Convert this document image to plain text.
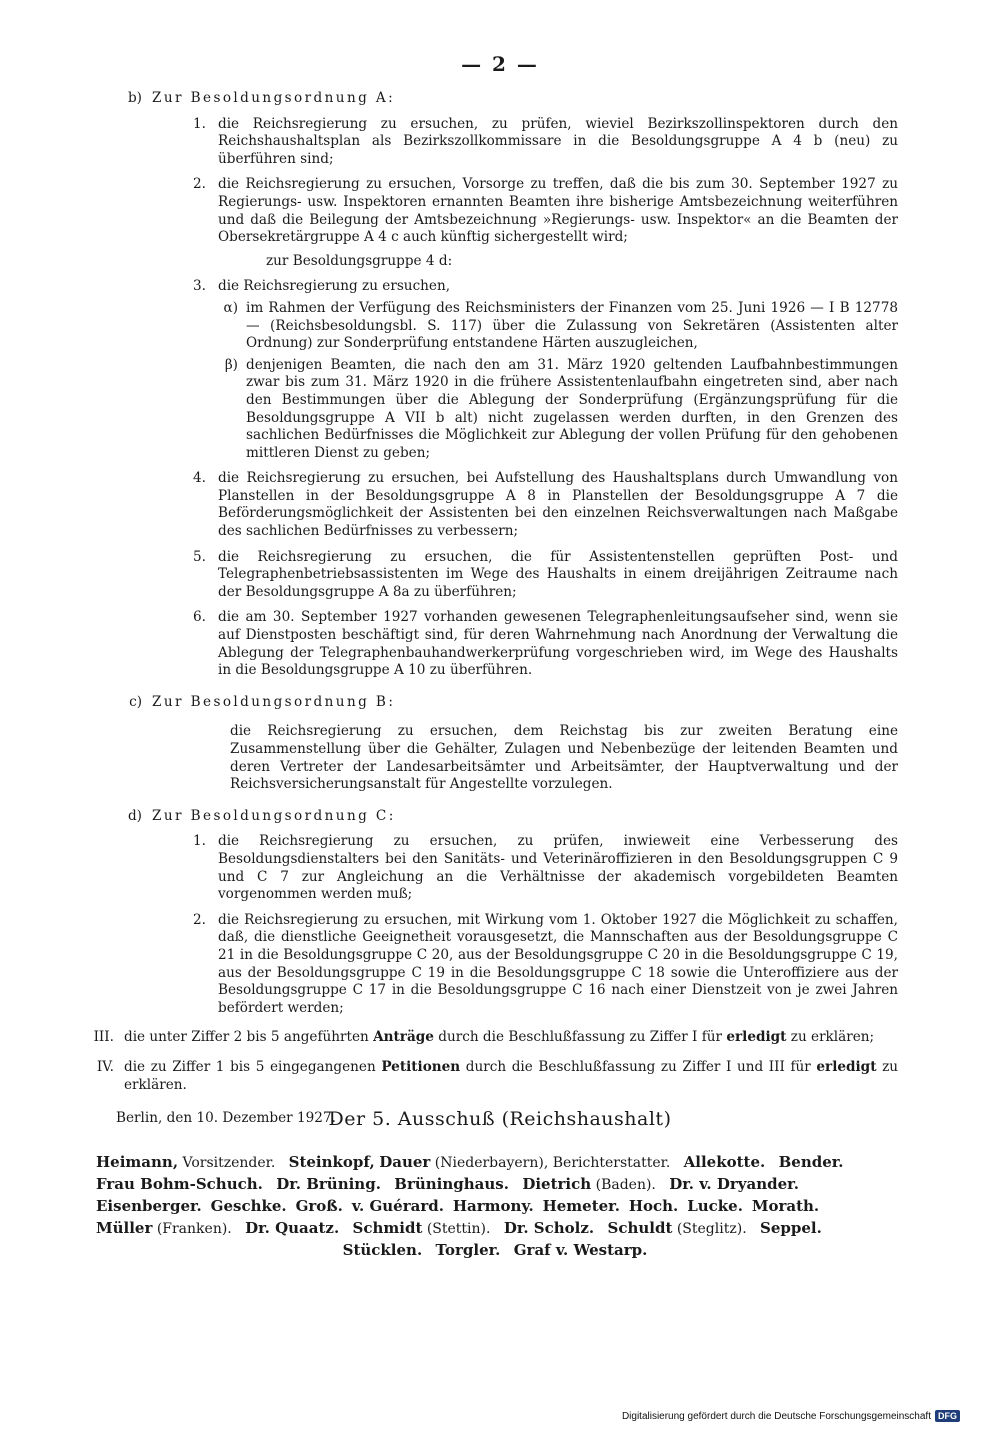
— 2 —
b) Zur Besoldungsordnung A:
1. die Reichsregierung zu ersuchen, zu prüfen, wieviel Bezirkszollinspektoren durch den Reichshaushaltsplan als Bezirkszollkommissare in die Besoldungsgruppe A 4 b (neu) zu überführen sind;
2. die Reichsregierung zu ersuchen, Vorsorge zu treffen, daß die bis zum 30. September 1927 zu Regierungs- usw. Inspektoren ernannten Beamten ihre bisherige Amtsbezeichnung weiterführen und daß die Beilegung der Amtsbezeichnung »Regierungs- usw. Inspektor« an die Beamten der Obersekretärgruppe A 4 c auch künftig sichergestellt wird;
zur Besoldungsgruppe 4 d:
3. die Reichsregierung zu ersuchen,
α) im Rahmen der Verfügung des Reichsministers der Finanzen vom 25. Juni 1926 — I B 12778 — (Reichsbesoldungsbl. S. 117) über die Zulassung von Sekretären (Assistenten alter Ordnung) zur Sonderprüfung entstandene Härten auszugleichen,
β) denjenigen Beamten, die nach den am 31. März 1920 geltenden Laufbahnbestimmungen zwar bis zum 31. März 1920 in die frühere Assistentenlaufbahn eingetreten sind, aber nach den Bestimmungen über die Ablegung der Sonderprüfung (Ergänzungsprüfung für die Besoldungsgruppe A VII b alt) nicht zugelassen werden durften, in den Grenzen des sachlichen Bedürfnisses die Möglichkeit zur Ablegung der vollen Prüfung für den gehobenen mittleren Dienst zu geben;
4. die Reichsregierung zu ersuchen, bei Aufstellung des Haushaltsplans durch Umwandlung von Planstellen in der Besoldungsgruppe A 8 in Planstellen der Besoldungsgruppe A 7 die Beförderungsmöglichkeit der Assistenten bei den einzelnen Reichsverwaltungen nach Maßgabe des sachlichen Bedürfnisses zu verbessern;
5. die Reichsregierung zu ersuchen, die für Assistentenstellen geprüften Post- und Telegraphenbetriebsassistenten im Wege des Haushalts in einem dreijährigen Zeitraume nach der Besoldungsgruppe A 8a zu überführen;
6. die am 30. September 1927 vorhanden gewesenen Telegraphenleitungsaufseher sind, wenn sie auf Dienstposten beschäftigt sind, für deren Wahrnehmung nach Anordnung der Verwaltung die Ablegung der Telegraphenbauhandwerkerprüfung vorgeschrieben wird, im Wege des Haushalts in die Besoldungsgruppe A 10 zu überführen.
c) Zur Besoldungsordnung B:
die Reichsregierung zu ersuchen, dem Reichstag bis zur zweiten Beratung eine Zusammenstellung über die Gehälter, Zulagen und Nebenbezüge der leitenden Beamten und deren Vertreter der Landesarbeitsämter und Arbeitsämter, der Hauptverwaltung und der Reichsversicherungsanstalt für Angestellte vorzulegen.
d) Zur Besoldungsordnung C:
1. die Reichsregierung zu ersuchen, zu prüfen, inwieweit eine Verbesserung des Besoldungsdienstalters bei den Sanitäts- und Veterinäroffizieren in den Besoldungsgruppen C 9 und C 7 zur Angleichung an die Verhältnisse der akademisch vorgebildeten Beamten vorgenommen werden muß;
2. die Reichsregierung zu ersuchen, mit Wirkung vom 1. Oktober 1927 die Möglichkeit zu schaffen, daß, die dienstliche Geeignetheit vorausgesetzt, die Mannschaften aus der Besoldungsgruppe C 21 in die Besoldungsgruppe C 20, aus der Besoldungsgruppe C 20 in die Besoldungsgruppe C 19, aus der Besoldungsgruppe C 19 in die Besoldungsgruppe C 18 sowie die Unteroffiziere aus der Besoldungsgruppe C 17 in die Besoldungsgruppe C 16 nach einer Dienstzeit von je zwei Jahren befördert werden;
III. die unter Ziffer 2 bis 5 angeführten Anträge durch die Beschlußfassung zu Ziffer I für erledigt zu erklären;
IV. die zu Ziffer 1 bis 5 eingegangenen Petitionen durch die Beschlußfassung zu Ziffer I und III für erledigt zu erklären.
Berlin, den 10. Dezember 1927.
Der 5. Ausschuß (Reichshaushalt)
Heimann, Vorsitzender. Steinkopf, Dauer (Niederbayern), Berichterstatter. Allekotte. Bender.
Frau Bohm-Schuch. Dr. Brüning. Brüninghaus. Dietrich (Baden). Dr. v. Dryander.
Eisenberger. Geschke. Groß. v. Guérard. Harmony. Hemeter. Hoch. Lucke. Morath.
Müller (Franken). Dr. Quaatz. Schmidt (Stettin). Dr. Scholz. Schuldt (Steglitz). Seppel.
Stücklen. Torgler. Graf v. Westarp.
Digitalisierung gefördert durch die Deutsche Forschungsgemeinschaft DFG
